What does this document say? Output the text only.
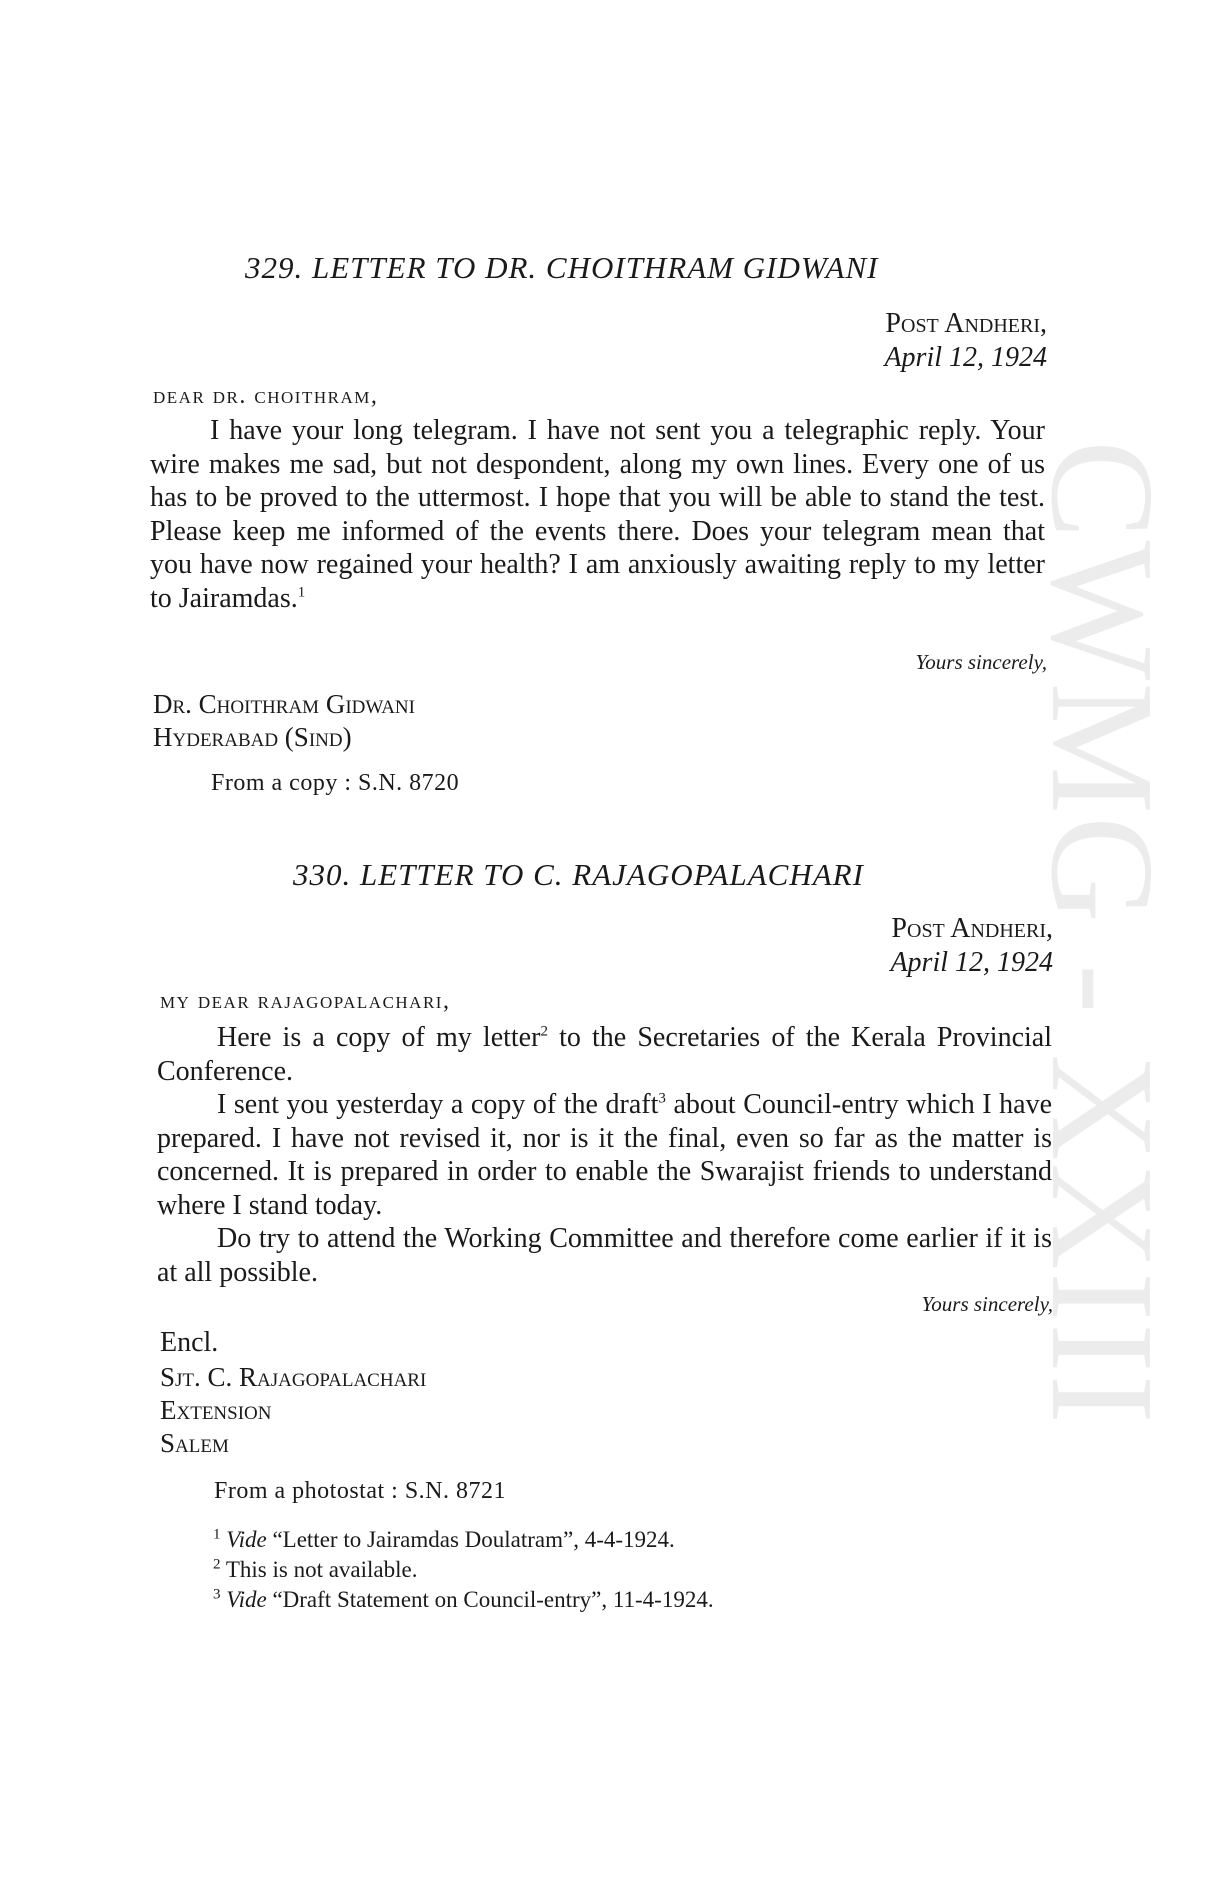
CWMG - XXIII
329. LETTER TO DR. CHOITHRAM GIDWANI
Post Andheri,
April 12, 1924
dear dr. choithram,

I have your long telegram. I have not sent you a telegraphic reply. Your wire makes me sad, but not despondent, along my own lines. Every one of us has to be proved to the uttermost. I hope that you will be able to stand the test. Please keep me informed of the events there. Does your telegram mean that you have now regained your health? I am anxiously awaiting reply to my letter to Jairamdas.$^1$

Yours sincerely,
Dr. Choithram Gidwani
Hyderabad (Sind)
From a copy : S.N. 8720
330. LETTER TO C. RAJAGOPALACHARI
Post Andheri,
April 12, 1924
my dear rajagopalachari,

Here is a copy of my letter$^2$ to the Secretaries of the Kerala Provincial Conference.

I sent you yesterday a copy of the draft$^3$ about Council-entry which I have prepared. I have not revised it, nor is it the final, even so far as the matter is concerned. It is prepared in order to enable the Swarajist friends to understand where I stand today.

Do try to attend the Working Committee and therefore come earlier if it is at all possible.

Yours sincerely,
Encl.
Sjt. C. Rajagopalachari
Extension
Salem
From a photostat : S.N. 8721
$^1$ Vide “Letter to Jairamdas Doulatram”, 4-4-1924.
$^2$ This is not available.
$^3$ Vide “Draft Statement on Council-entry”, 11-4-1924.
